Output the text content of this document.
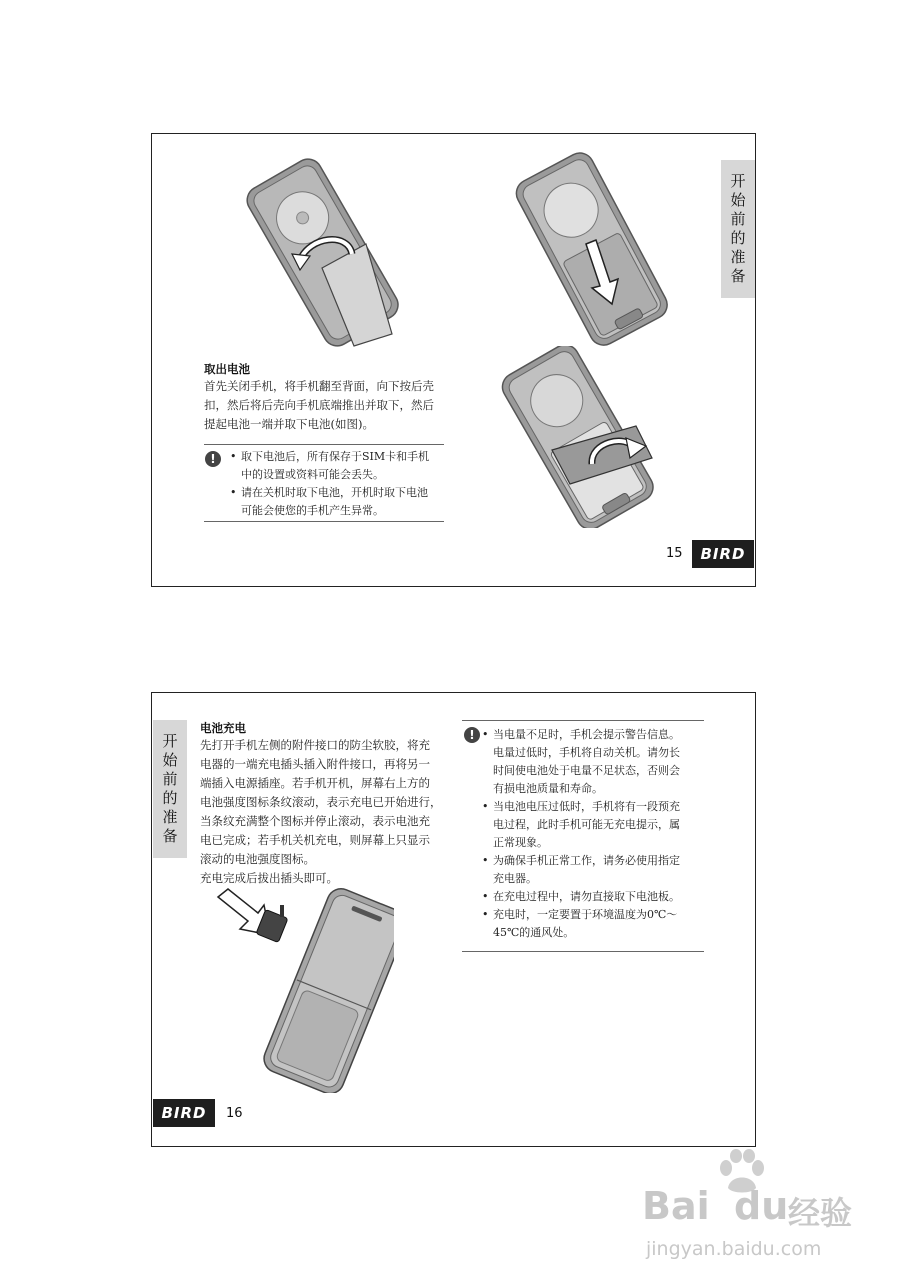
开
始
前
的
准
备
取出电池

首先关闭手机，将手机翻至背面，向下按后壳

扣，然后将后壳向手机底端推出并取下，然后

提起电池一端并取下电池(如图)。

!	• 取下电池后，所有保存于SIM卡和手机
中的设置或资料可能会丢失。
• 请在关机时取下电池，开机时取下电池
可能会使您的手机产生异常。
15	BIRD
开
始
前
的
准
备
电池充电

先打开手机左侧的附件接口的防尘软胶，将充

电器的一端充电插头插入附件接口，再将另一

端插入电源插座。若手机开机，屏幕右上方的

电池强度图标条纹滚动，表示充电已开始进行，

当条纹充满整个图标并停止滚动，表示电池充

电已完成；若手机关机充电，则屏幕上只显示

滚动的电池强度图标。

充电完成后拔出插头即可。

!	• 当电量不足时，手机会提示警告信息。
电量过低时，手机将自动关机。请勿长
时间使电池处于电量不足状态，否则会
有损电池质量和寿命。
• 当电池电压过低时，手机将有一段预充
电过程，此时手机可能无充电提示，属
正常现象。
• 为确保手机正常工作，请务必使用指定
充电器。
• 在充电过程中，请勿直接取下电池板。
• 充电时，一定要置于环境温度为0℃～
45℃的通风处。
BIRD	16
Bai du 经验
jingyan.baidu.com
